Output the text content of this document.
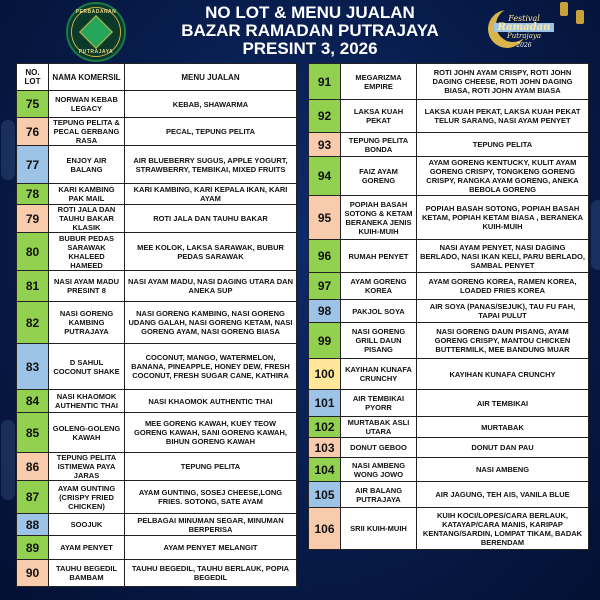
PERBADANAN
PUTRAJAYA
NO LOT & MENU JUALAN
BAZAR RAMADAN PUTRAJAYA
PRESINT 3, 2026
Festival
Ramadan
Putrajaya
2026
NO. LOT	NAMA KOMERSIL	MENU JUALAN
75	NORWAN KEBAB LEGACY	KEBAB, SHAWARMA
76	TEPUNG PELITA & PECAL GERBANG RASA	PECAL, TEPUNG PELITA
77	ENJOY AIR BALANG	AIR BLUEBERRY SUGUS, APPLE YOGURT, STRAWBERRY, TEMBIKAI, MIXED FRUITS
78	KARI KAMBING PAK MAIL	KARI KAMBING, KARI KEPALA IKAN, KARI AYAM
79	ROTI JALA DAN TAUHU BAKAR KLASIK	ROTI JALA DAN TAUHU BAKAR
80	BUBUR PEDAS SARAWAK KHALEED HAMEED	MEE KOLOK, LAKSA SARAWAK, BUBUR PEDAS SARAWAK
81	NASI AYAM MADU PRESINT 8	NASI AYAM MADU, NASI DAGING UTARA DAN ANEKA SUP
82	NASI GORENG KAMBING PUTRAJAYA	NASI GORENG KAMBING, NASI GORENG UDANG GALAH, NASI GORENG KETAM, NASI GORENG AYAM, NASI GORENG BIASA
83	D SAHUL COCONUT SHAKE	COCONUT, MANGO, WATERMELON, BANANA, PINEAPPLE, HONEY DEW, FRESH COCONUT, FRESH SUGAR CANE, KATHIRA
84	NASI KHAOMOK AUTHENTIC THAI	NASI KHAOMOK AUTHENTIC THAI
85	GOLENG-GOLENG KAWAH	MEE GORENG KAWAH, KUEY TEOW GORENG KAWAH, SANI GORENG KAWAH, BIHUN GORENG KAWAH
86	TEPUNG PELITA ISTIMEWA PAYA JARAS	TEPUNG PELITA
87	AYAM GUNTING (CRISPY FRIED CHICKEN)	AYAM GUNTING, SOSEJ CHEESE,LONG FRIES. SOTONG, SATE AYAM
88	SOOJUK	PELBAGAI MINUMAN SEGAR, MINUMAN BERPERISA
89	AYAM PENYET	AYAM PENYET MELANGIT
90	TAUHU BEGEDIL BAMBAM	TAUHU BEGEDIL, TAUHU BERLAUK, POPIA BEGEDIL
91	MEGARIZMA EMPIRE	ROTI JOHN AYAM CRISPY, ROTI JOHN DAGING CHEESE, ROTI JOHN DAGING BIASA, ROTI JOHN AYAM BIASA
92	LAKSA KUAH PEKAT	LAKSA KUAH PEKAT, LAKSA KUAH PEKAT TELUR SARANG, NASI AYAM PENYET
93	TEPUNG PELITA BONDA	TEPUNG PELITA
94	FAIZ AYAM GORENG	AYAM GORENG KENTUCKY, KULIT AYAM GORENG CRISPY, TONGKENG GORENG CRISPY, RANGKA AYAM GORENG, ANEKA BEBOLA GORENG
95	POPIAH BASAH SOTONG & KETAM BERANEKA JENIS KUIH-MUIH	POPIAH BASAH SOTONG, POPIAH BASAH KETAM, POPIAH KETAM BIASA , BERANEKA KUIH-MUIH
96	RUMAH PENYET	NASI AYAM PENYET, NASI DAGING BERLADO, NASI IKAN KELI, PARU BERLADO, SAMBAL PENYET
97	AYAM GORENG KOREA	AYAM GORENG KOREA, RAMEN KOREA, LOADED FRIES KOREA
98	PAKJOL SOYA	AIR SOYA (PANAS/SEJUK), TAU FU FAH, TAPAI PULUT
99	NASI GORENG GRILL DAUN PISANG	NASI GORENG DAUN PISANG, AYAM GORENG CRISPY, MANTOU CHICKEN BUTTERMILK, MEE BANDUNG MUAR
100	KAYIHAN KUNAFA CRUNCHY	KAYIHAN KUNAFA CRUNCHY
101	AIR TEMBIKAI PYORR	AIR TEMBIKAI
102	MURTABAK ASLI UTARA	MURTABAK
103	DONUT GEBOO	DONUT DAN PAU
104	NASI AMBENG WONG JOWO	NASI AMBENG
105	AIR BALANG PUTRAJAYA	AIR JAGUNG, TEH AIS, VANILA BLUE
106	SRII KUIH-MUIH	KUIH KOCI/LOPES/CARA BERLAUK, KATAYAP/CARA MANIS, KARIPAP KENTANG/SARDIN, LOMPAT TIKAM, BADAK BERENDAM
